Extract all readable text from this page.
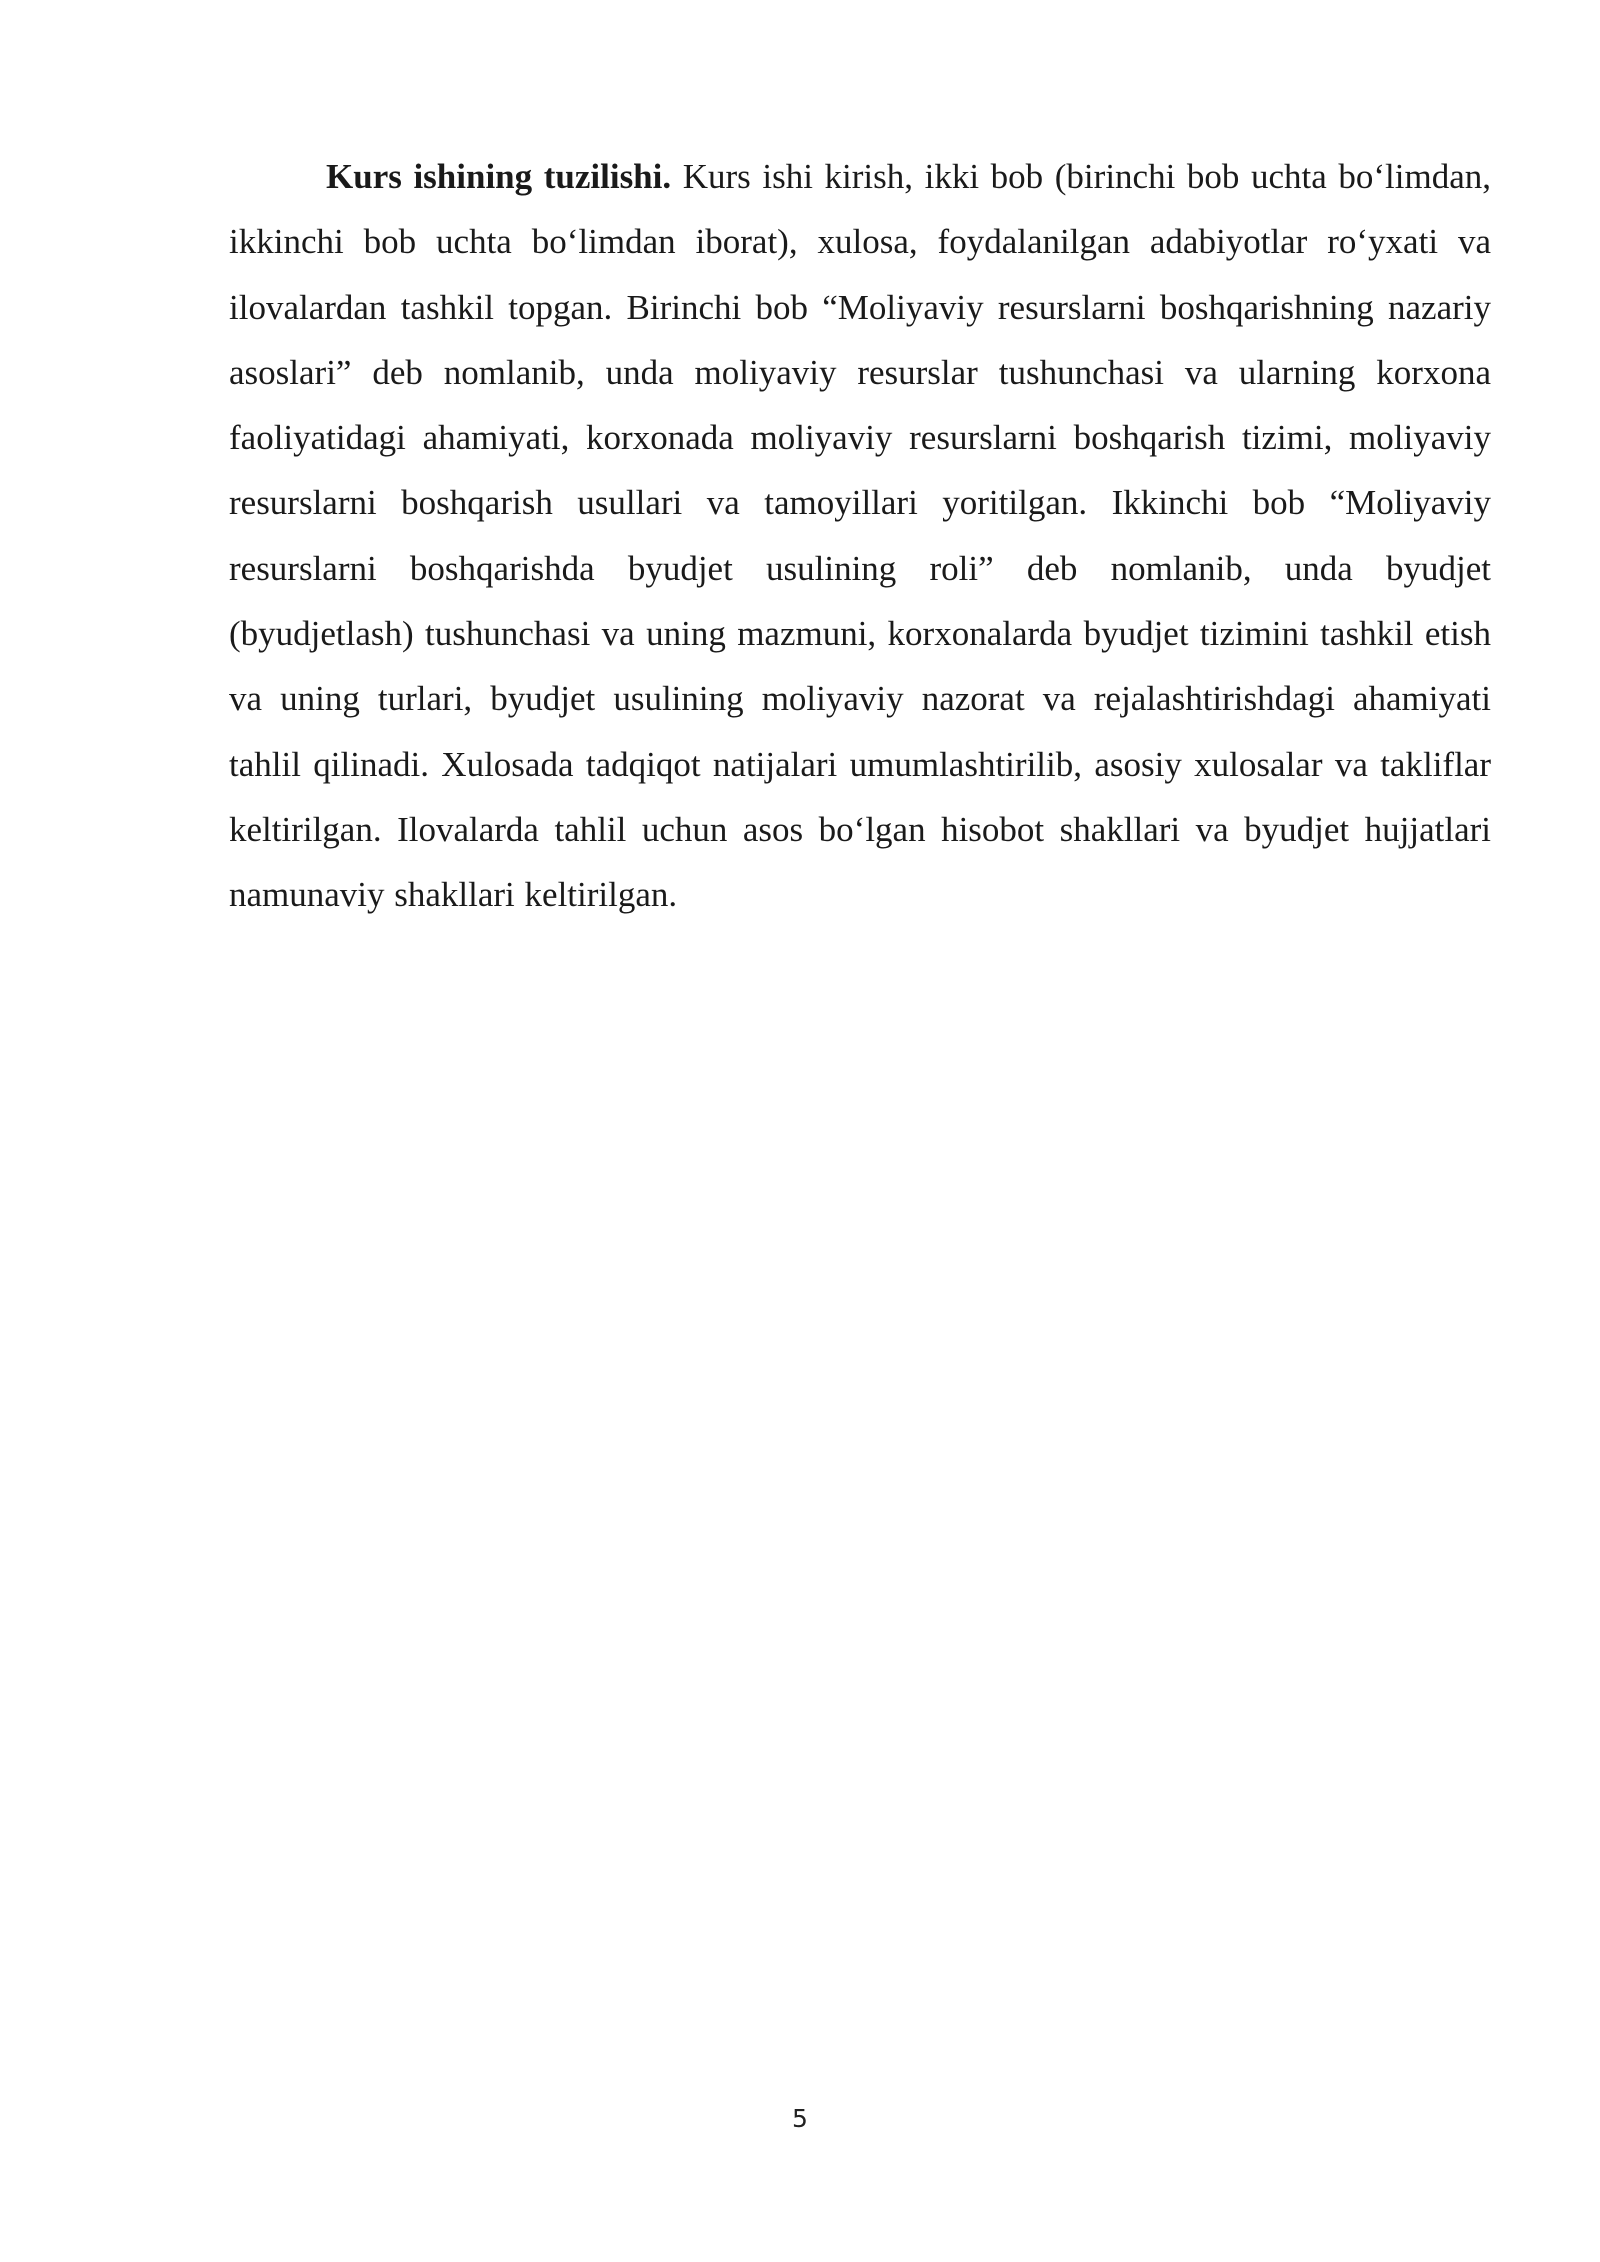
Kurs ishining tuzilishi. Kurs ishi kirish, ikki bob (birinchi bob uchta bo‘limdan, ikkinchi bob uchta bo‘limdan iborat), xulosa, foydalanilgan adabiyotlar ro‘yxati va ilovalardan tashkil topgan. Birinchi bob “Moliyaviy resurslarni boshqarishning nazariy asoslari” deb nomlanib, unda moliyaviy resurslar tushunchasi va ularning korxona faoliyatidagi ahamiyati, korxonada moliyaviy resurslarni boshqarish tizimi, moliyaviy resurslarni boshqarish usullari va tamoyillari yoritilgan. Ikkinchi bob “Moliyaviy resurslarni boshqarishda byudjet usulining roli” deb nomlanib, unda byudjet (byudjetlash) tushunchasi va uning mazmuni, korxonalarda byudjet tizimini tashkil etish va uning turlari, byudjet usulining moliyaviy nazorat va rejalashtirishdagi ahamiyati tahlil qilinadi. Xulosada tadqiqot natijalari umumlashtirilib, asosiy xulosalar va takliflar keltirilgan. Ilovalarda tahlil uchun asos bo‘lgan hisobot shakllari va byudjet hujjatlari namunaviy shakllari keltirilgan.

5
